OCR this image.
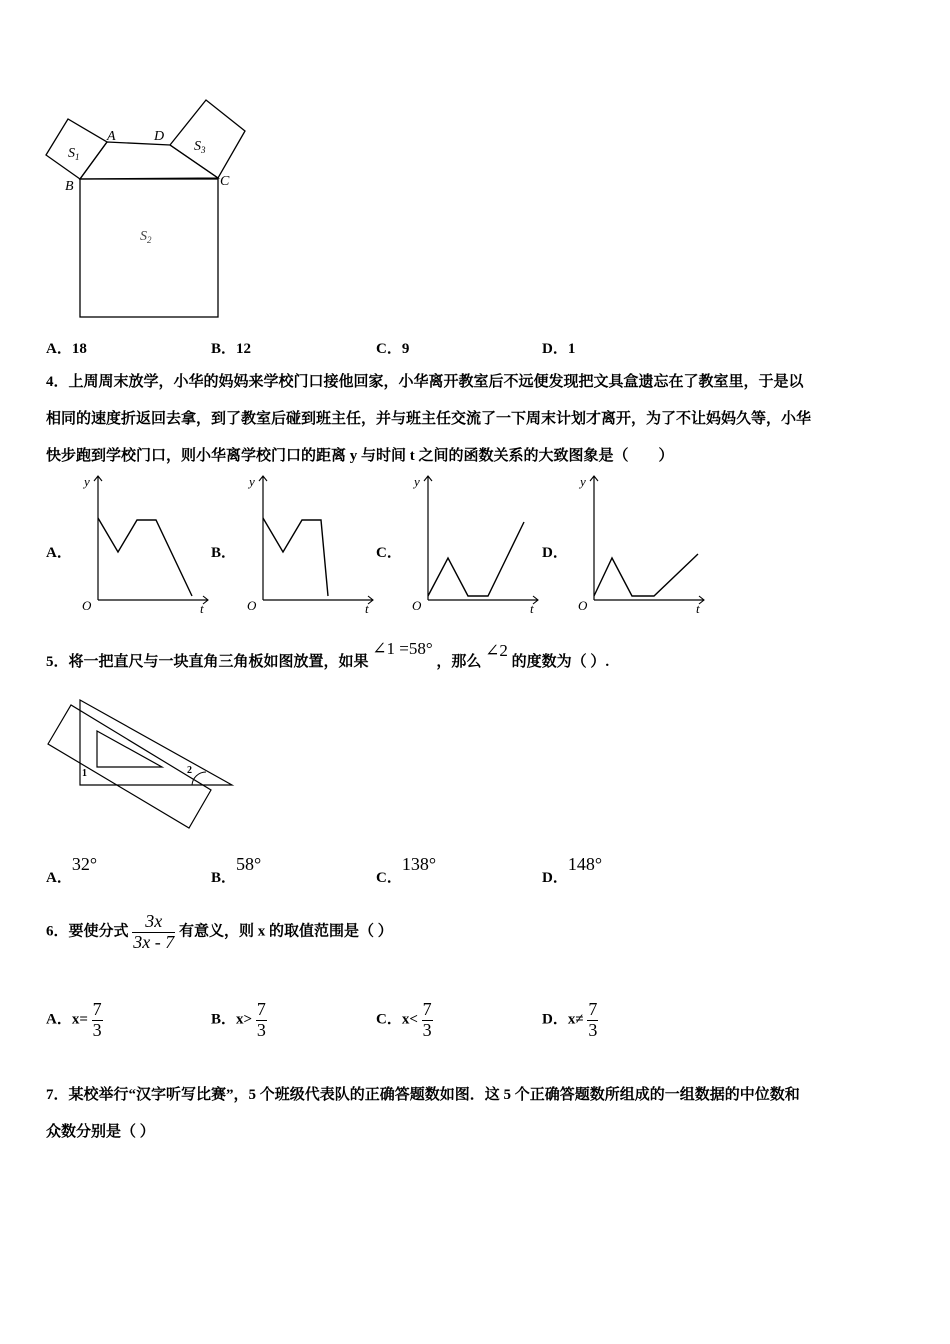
A	D
B	C
$S_1$
$S_3$
$S_2$
A．18	B．12	C．9	D．1
4．上周周末放学，小华的妈妈来学校门口接他回家，小华离开教室后不远便发现把文具盒遗忘在了教室里，于是以
相同的速度折返回去拿，到了教室后碰到班主任，并与班主任交流了一下周末计划才离开，为了不让妈妈久等，小华
快步跑到学校门口，则小华离学校门口的距离 y 与时间 t 之间的函数关系的大致图象是（　　）
A．
y
t
O
B．
y
t
O
C．
y
t
O
D．
y
t
O
5．将一把直尺与一块直角三角板如图放置，如果 ∠1 =58° ，那么 ∠2 的度数为（ ）.
1	2
A．32°
B．58°
C．138°
D．148°
6．要使分式 $\frac{3x}{3x - 7}$ 有意义，则 x 的取值范围是（ ）
A．$x= \frac{7}{3}$	B．$x> \frac{7}{3}$	C．$x< \frac{7}{3}$	D．$x\ne \frac{7}{3}$
7．某校举行“汉字听写比赛”，5 个班级代表队的正确答题数如图．这 5 个正确答题数所组成的一组数据的中位数和
众数分别是（ ）
